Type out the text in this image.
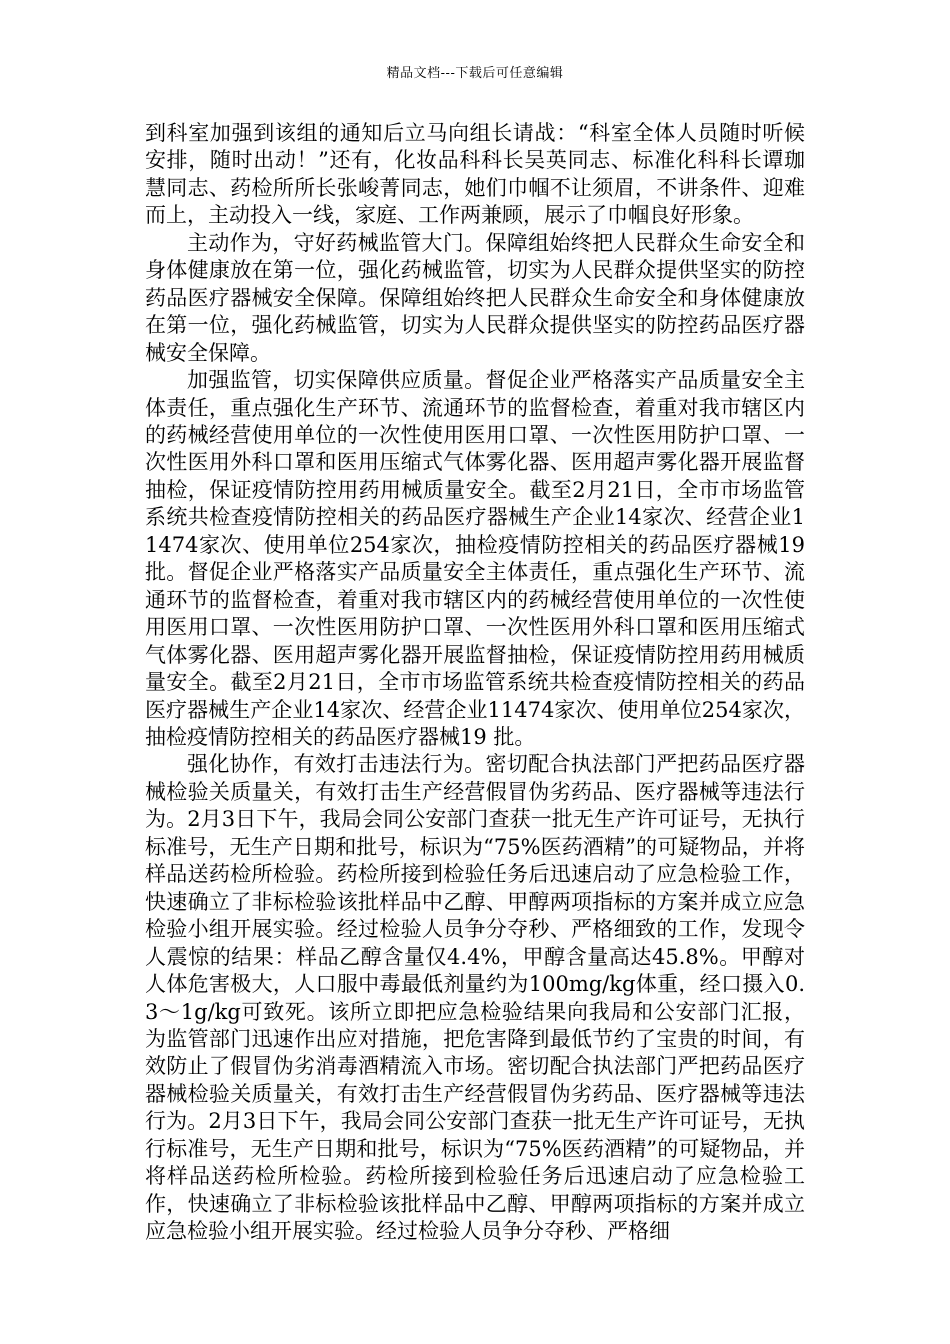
精品文档---下载后可任意编辑

到科室加强到该组的通知后立马向组长请战：“科室全体人员随时听候安排，随时出动！”还有，化妆品科科长吴英同志、标准化科科长谭珈慧同志、药检所所长张峻菁同志，她们巾帼不让须眉，不讲条件、迎难而上，主动投入一线，家庭、工作两兼顾，展示了巾帼良好形象。

主动作为，守好药械监管大门。保障组始终把人民群众生命安全和身体健康放在第一位，强化药械监管，切实为人民群众提供坚实的防控药品医疗器械安全保障。保障组始终把人民群众生命安全和身体健康放在第一位，强化药械监管，切实为人民群众提供坚实的防控药品医疗器械安全保障。

加强监管，切实保障供应质量。督促企业严格落实产品质量安全主体责任，重点强化生产环节、流通环节的监督检查，着重对我市辖区内的药械经营使用单位的一次性使用医用口罩、一次性医用防护口罩、一次性医用外科口罩和医用压缩式气体雾化器、医用超声雾化器开展监督抽检，保证疫情防控用药用械质量安全。截至2月21日，全市市场监管系统共检查疫情防控相关的药品医疗器械生产企业14家次、经营企业11474家次、使用单位254家次，抽检疫情防控相关的药品医疗器械19 批。督促企业严格落实产品质量安全主体责任，重点强化生产环节、流通环节的监督检查，着重对我市辖区内的药械经营使用单位的一次性使用医用口罩、一次性医用防护口罩、一次性医用外科口罩和医用压缩式气体雾化器、医用超声雾化器开展监督抽检，保证疫情防控用药用械质量安全。截至2月21日，全市市场监管系统共检查疫情防控相关的药品医疗器械生产企业14家次、经营企业11474家次、使用单位254家次，抽检疫情防控相关的药品医疗器械19 批。

强化协作，有效打击违法行为。密切配合执法部门严把药品医疗器械检验关质量关，有效打击生产经营假冒伪劣药品、医疗器械等违法行为。2月3日下午，我局会同公安部门查获一批无生产许可证号，无执行标准号，无生产日期和批号，标识为“75%医药酒精”的可疑物品，并将样品送药检所检验。药检所接到检验任务后迅速启动了应急检验工作，快速确立了非标检验该批样品中乙醇、甲醇两项指标的方案并成立应急检验小组开展实验。经过检验人员争分夺秒、严格细致的工作，发现令人震惊的结果：样品乙醇含量仅4.4%，甲醇含量高达45.8%。甲醇对人体危害极大，人口服中毒最低剂量约为100mg/kg体重，经口摄入0.3～1g/kg可致死。该所立即把应急检验结果向我局和公安部门汇报，为监管部门迅速作出应对措施，把危害降到最低节约了宝贵的时间，有效防止了假冒伪劣消毒酒精流入市场。密切配合执法部门严把药品医疗器械检验关质量关，有效打击生产经营假冒伪劣药品、医疗器械等违法行为。2月3日下午，我局会同公安部门查获一批无生产许可证号，无执行标准号，无生产日期和批号，标识为“75%医药酒精”的可疑物品，并将样品送药检所检验。药检所接到检验任务后迅速启动了应急检验工作，快速确立了非标检验该批样品中乙醇、甲醇两项指标的方案并成立应急检验小组开展实验。经过检验人员争分夺秒、严格细
